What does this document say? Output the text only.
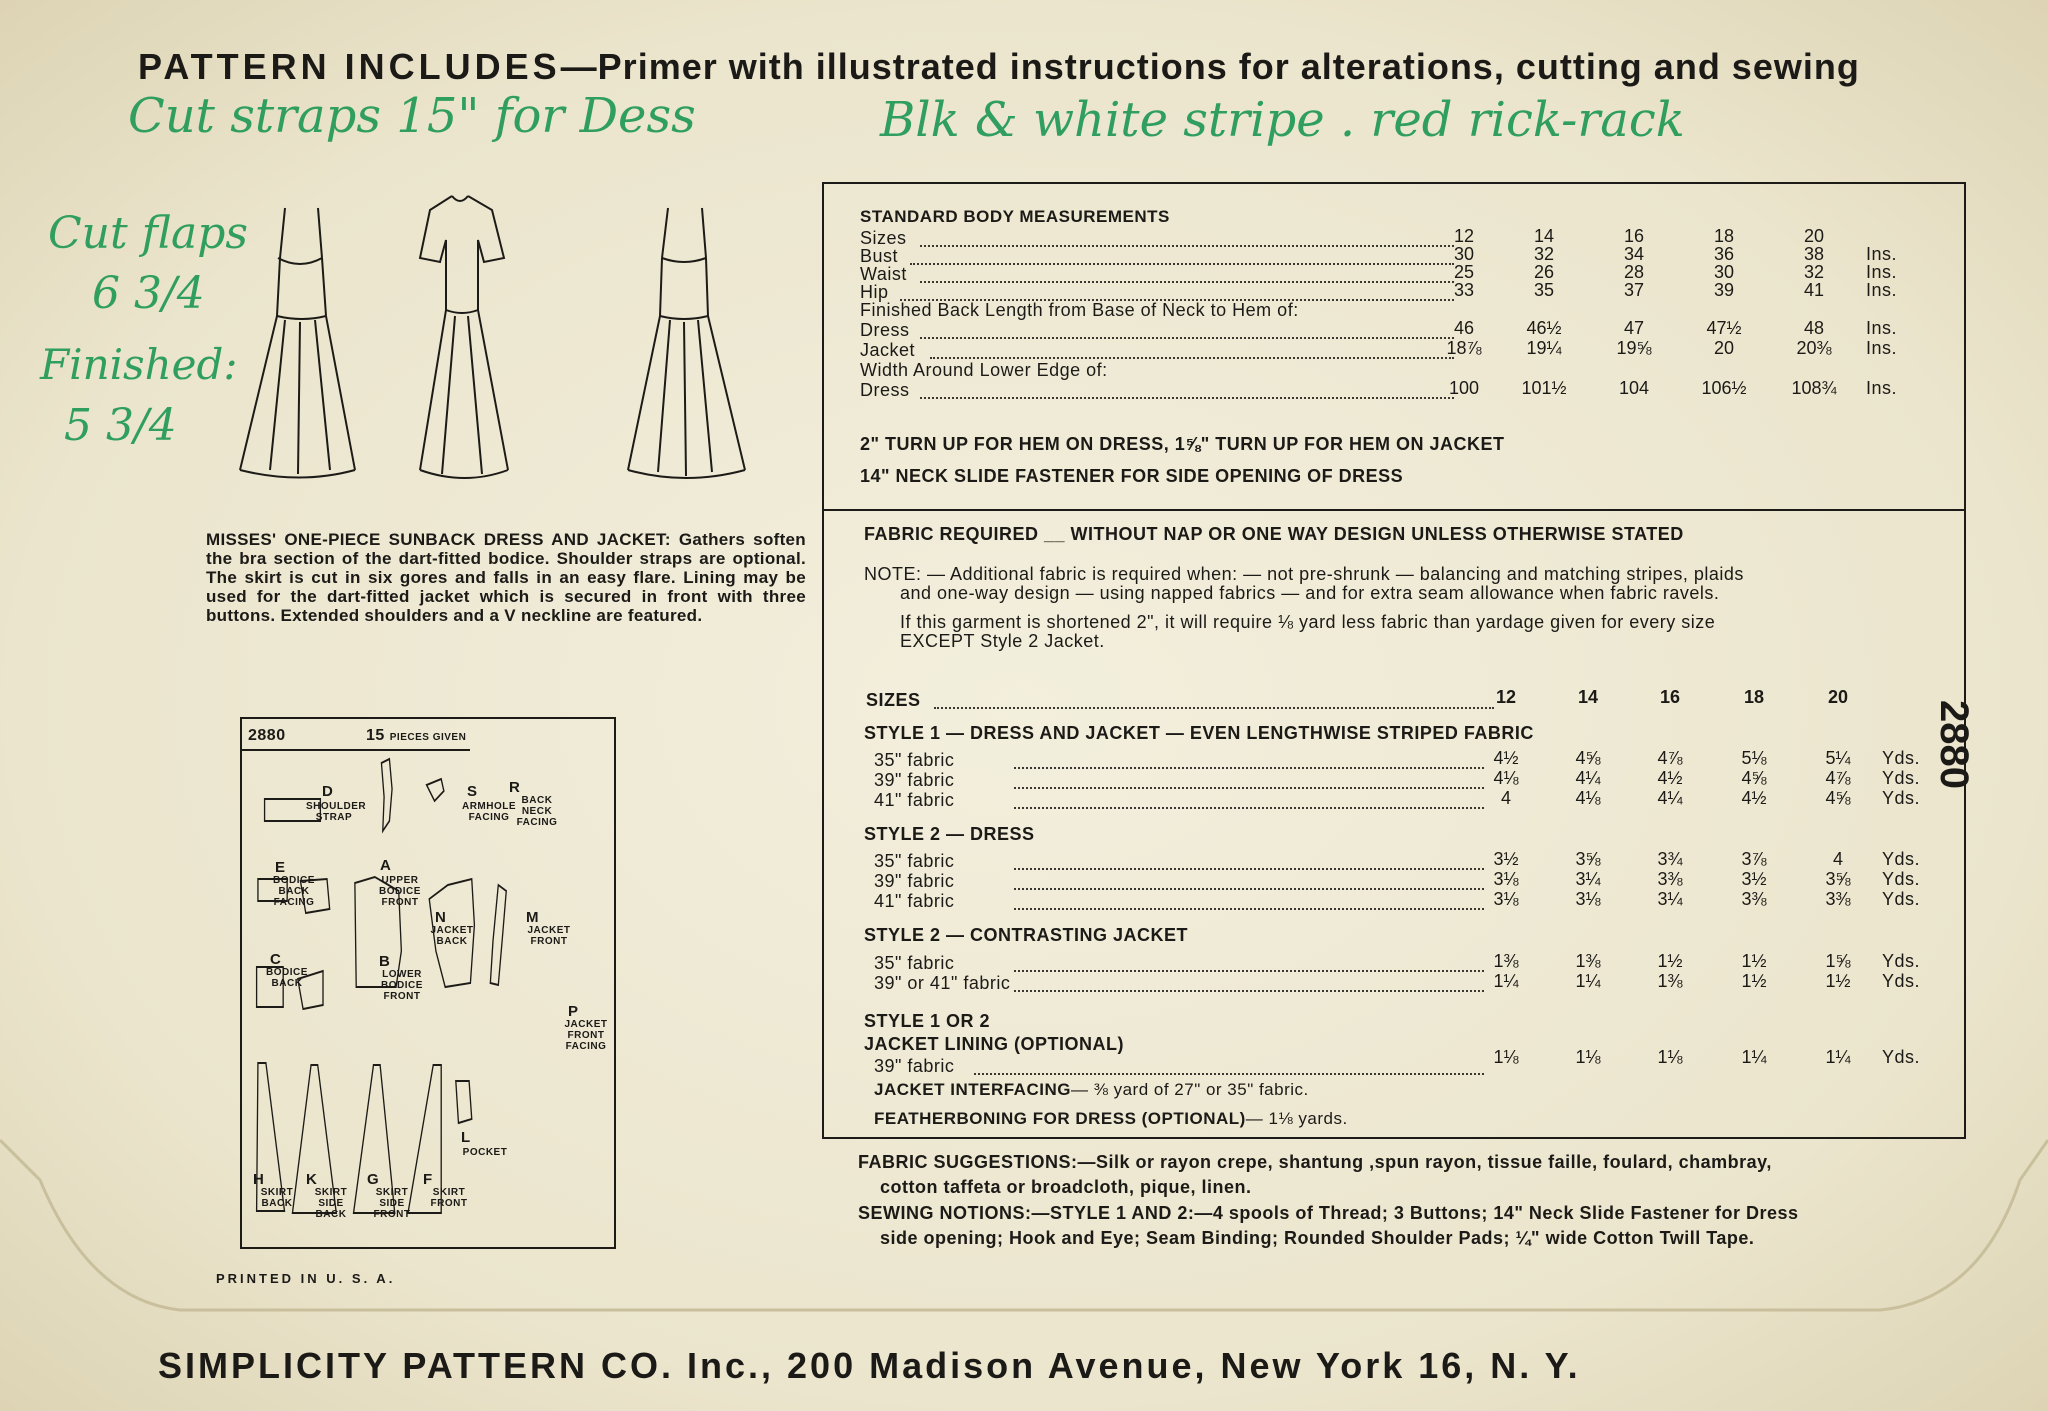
PATTERN INCLUDES—Primer with illustrated instructions for alterations, cutting and sewing
Cut straps 15" for Dess	Blk & white stripe . red rick-rack
Cut flaps
6 3/4
Finished:
5 3/4
MISSES' ONE-PIECE SUNBACK DRESS AND JACKET: Gathers soften the bra section of the dart-fitted bodice. Shoulder straps are optional. The skirt is cut in six gores and falls in an easy flare. Lining may be used for the dart-fitted jacket which is secured in front with three buttons. Extended shoulders and a V neckline are featured.
STANDARD BODY MEASUREMENTS
Sizes	12	14	16	18	20
Bust	30	32	34	36	38	Ins.
Waist	25	26	28	30	32	Ins.
Hip	33	35	37	39	41	Ins.
Finished Back Length from Base of Neck to Hem of:
Dress	46	46½	47	47½	48	Ins.
Jacket	18⅞	19¼	19⅝	20	20⅜	Ins.
Width Around Lower Edge of:
Dress	100	101½	104	106½	108¾	Ins.
2" TURN UP FOR HEM ON DRESS, 1⅝" TURN UP FOR HEM ON JACKET
14" NECK SLIDE FASTENER FOR SIDE OPENING OF DRESS
FABRIC REQUIRED __ WITHOUT NAP OR ONE WAY DESIGN UNLESS OTHERWISE STATED
NOTE: — Additional fabric is required when: — not pre-shrunk — balancing and matching stripes, plaids
and one-way design — using napped fabrics — and for extra seam allowance when fabric ravels.
If this garment is shortened 2", it will require ⅛ yard less fabric than yardage given for every size
EXCEPT Style 2 Jacket.
SIZES	12	14	16	18	20
STYLE 1 — DRESS AND JACKET — EVEN LENGTHWISE STRIPED FABRIC
35" fabric	4½	4⅝	4⅞	5⅛	5¼	Yds.
39" fabric	4⅛	4¼	4½	4⅝	4⅞	Yds.
41" fabric	4	4⅛	4¼	4½	4⅝	Yds.
STYLE 2 — DRESS
35" fabric	3½	3⅝	3¾	3⅞	4	Yds.
39" fabric	3⅛	3¼	3⅜	3½	3⅝	Yds.
41" fabric	3⅛	3⅛	3¼	3⅜	3⅜	Yds.
STYLE 2 — CONTRASTING JACKET
35" fabric	1⅜	1⅜	1½	1½	1⅝	Yds.
39" or 41" fabric	1¼	1¼	1⅜	1½	1½	Yds.
STYLE 1 OR 2
JACKET LINING (OPTIONAL)
39" fabric	1⅛	1⅛	1⅛	1¼	1¼	Yds.
JACKET INTERFACING— ⅜ yard of 27" or 35" fabric.
FEATHERBONING FOR DRESS (OPTIONAL)— 1⅛ yards.
2880
2880	15 PIECES GIVEN
D
SHOULDER STRAP
S
ARMHOLE FACING
R
BACK NECK FACING
E
BODICE BACK FACING
A
UPPER BODICE FRONT
N
JACKET BACK
M
JACKET FRONT
C
BODICE BACK
B
LOWER BODICE FRONT
P
JACKET FRONT FACING
H
SKIRT BACK
K
SKIRT SIDE BACK
G
SKIRT SIDE FRONT
F
SKIRT FRONT
L
POCKET
PRINTED IN U. S. A.
FABRIC SUGGESTIONS:—Silk or rayon crepe, shantung ,spun rayon, tissue faille, foulard, chambray,
cotton taffeta or broadcloth, pique, linen.
SEWING NOTIONS:—STYLE 1 AND 2:—4 spools of Thread; 3 Buttons; 14" Neck Slide Fastener for Dress
side opening; Hook and Eye; Seam Binding; Rounded Shoulder Pads; ¼" wide Cotton Twill Tape.
SIMPLICITY PATTERN CO. Inc., 200 Madison Avenue, New York 16, N. Y.
